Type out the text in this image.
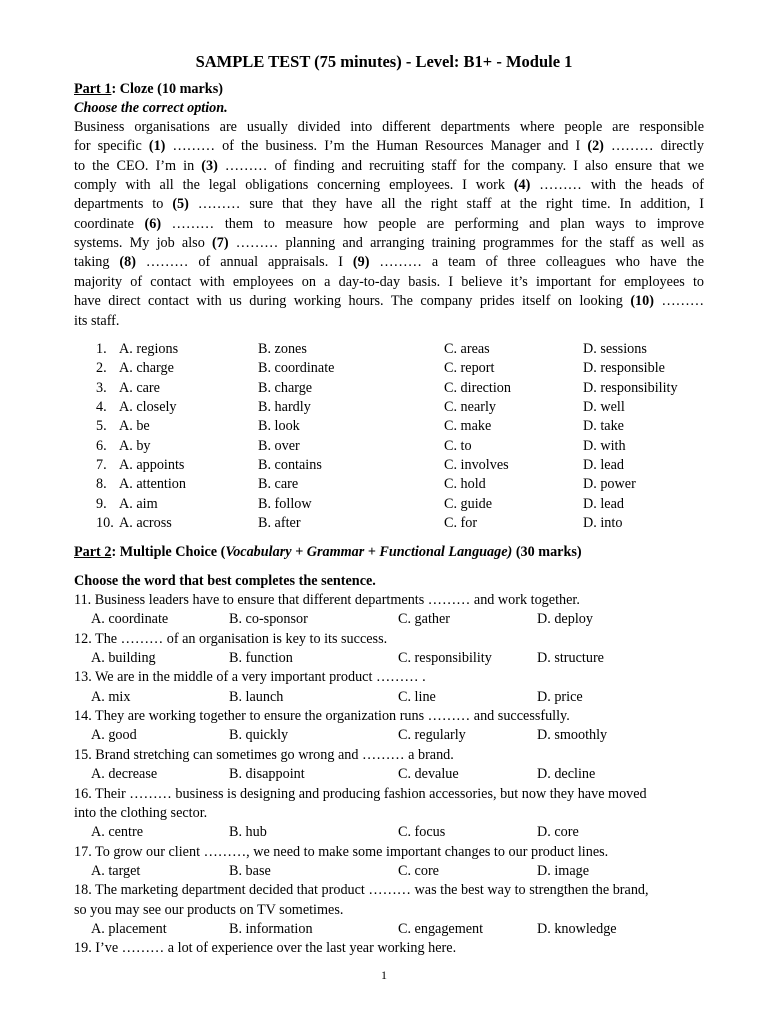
SAMPLE TEST (75 minutes) - Level: B1+ - Module 1
Part 1: Cloze (10 marks)
Choose the correct option.
Business organisations are usually divided into different departments where people are responsible
for specific (1) ……… of the business. I’m the Human Resources Manager and I (2) ……… directly
to the CEO. I’m in (3) ……… of finding and recruiting staff for the company. I also ensure that we
comply with all the legal obligations concerning employees. I work (4) ……… with the heads of
departments to (5) ……… sure that they have all the right staff at the right time. In addition, I
coordinate (6) ……… them to measure how people are performing and plan ways to improve
systems. My job also (7) ……… planning and arranging training programmes for the staff as well as
taking (8) ……… of annual appraisals. I (9) ……… a team of three colleagues who have the
majority of contact with employees on a day-to-day basis. I believe it’s important for employees to
have direct contact with us during working hours. The company prides itself on looking (10) ………
its staff.
1. A. regions	B. zones	C. areas	D. sessions
2. A. charge	B. coordinate	C. report	D. responsible
3. A. care	B. charge	C. direction	D. responsibility
4. A. closely	B. hardly	C. nearly	D. well
5. A. be	B. look	C. make	D. take
6. A. by	B. over	C. to	D. with
7. A. appoints	B. contains	C. involves	D. lead
8. A. attention	B. care	C. hold	D. power
9. A. aim	B. follow	C. guide	D. lead
10. A. across	B. after	C. for	D. into
Part 2: Multiple Choice (Vocabulary + Grammar + Functional Language) (30 marks)
Choose the word that best completes the sentence.
11. Business leaders have to ensure that different departments ……… and work together.
A. coordinate	B. co-sponsor	C. gather	D. deploy
12. The ……… of an organisation is key to its success.
A. building	B. function	C. responsibility	D. structure
13. We are in the middle of a very important product ……… .
A. mix	B. launch	C. line	D. price
14. They are working together to ensure the organization runs ……… and successfully.
A. good	B. quickly	C. regularly	D. smoothly
15. Brand stretching can sometimes go wrong and ……… a brand.
A. decrease	B. disappoint	C. devalue	D. decline
16. Their ……… business is designing and producing fashion accessories, but now they have moved
into the clothing sector.
A. centre	B. hub	C. focus	D. core
17. To grow our client ………, we need to make some important changes to our product lines.
A. target	B. base	C. core	D. image
18. The marketing department decided that product ……… was the best way to strengthen the brand,
so you may see our products on TV sometimes.
A. placement	B. information	C. engagement	D. knowledge
19. I’ve ……… a lot of experience over the last year working here.
1
